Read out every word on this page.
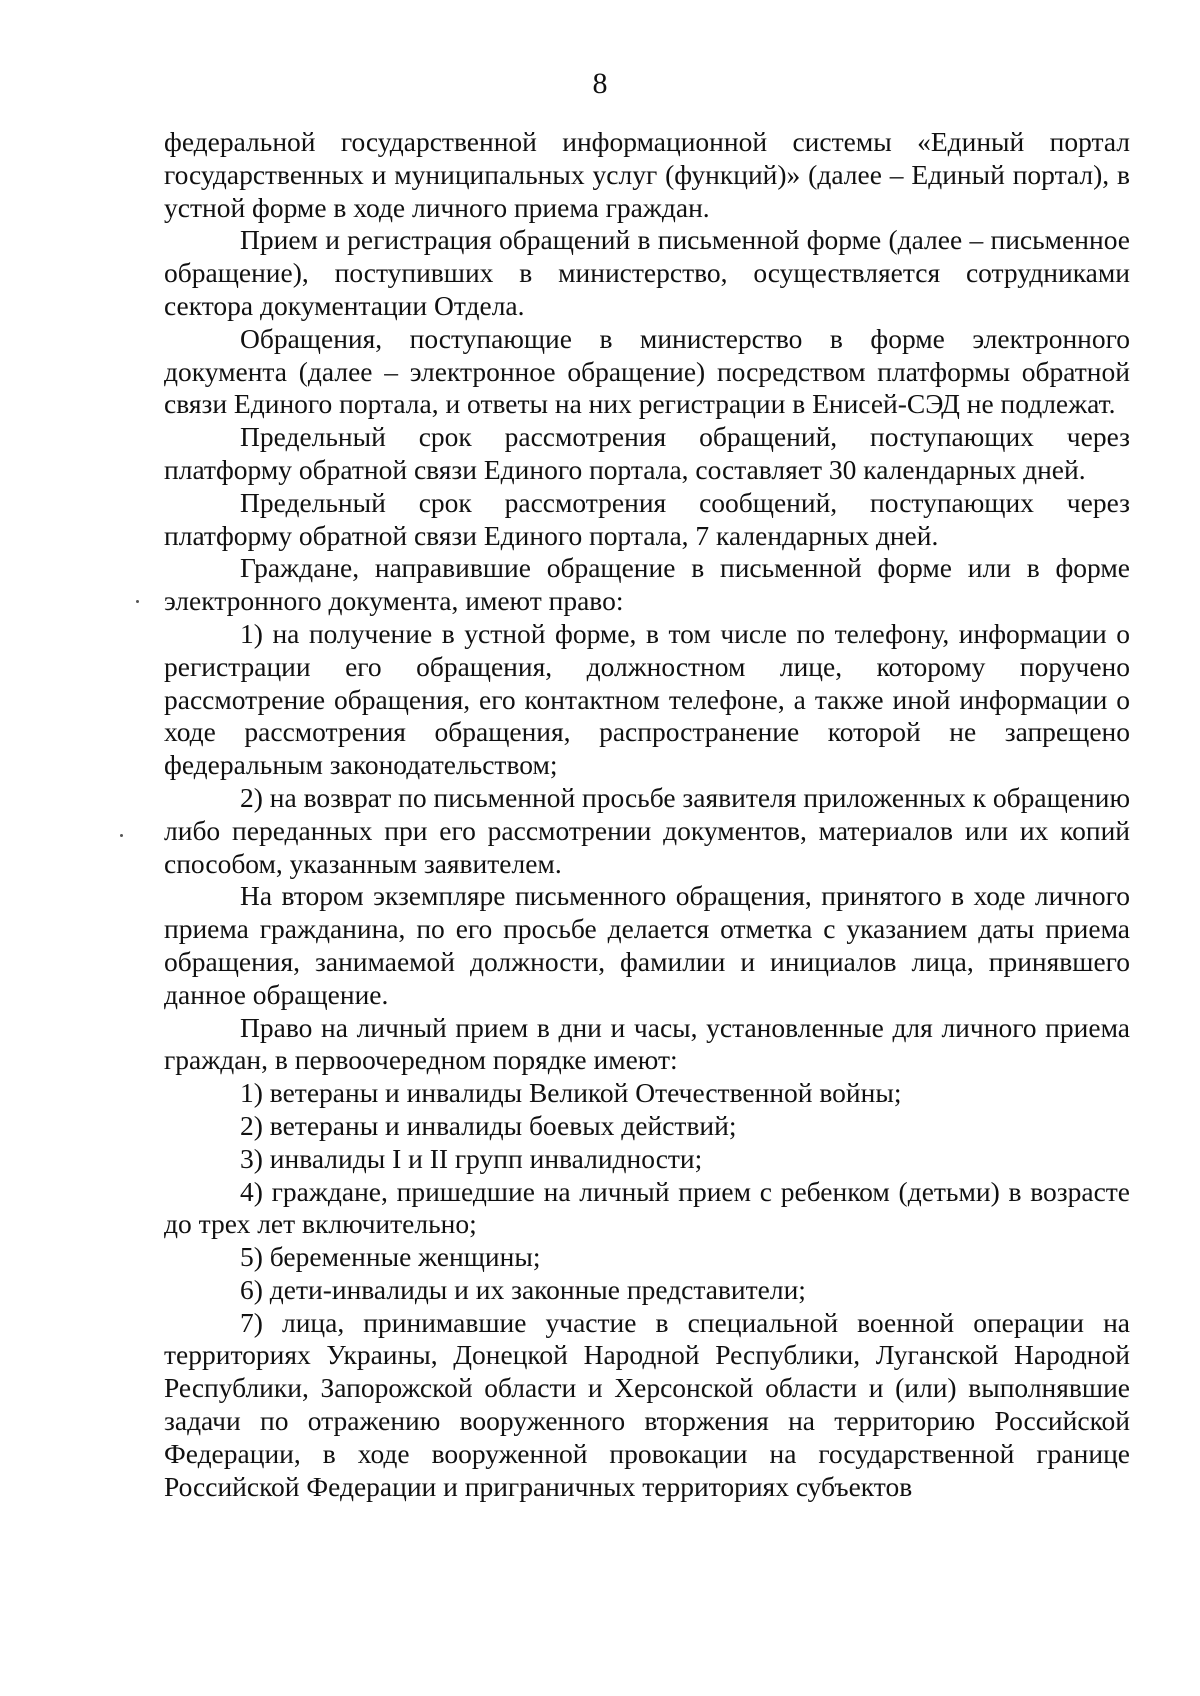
8

федеральной государственной информационной системы «Единый портал государственных и муниципальных услуг (функций)» (далее – Единый портал), в устной форме в ходе личного приема граждан.

Прием и регистрация обращений в письменной форме (далее – письменное обращение), поступивших в министерство, осуществляется сотрудниками сектора документации Отдела.

Обращения, поступающие в министерство в форме электронного документа (далее – электронное обращение) посредством платформы обратной связи Единого портала, и ответы на них регистрации в Енисей-СЭД не подлежат.

Предельный срок рассмотрения обращений, поступающих через платформу обратной связи Единого портала, составляет 30 календарных дней.

Предельный срок рассмотрения сообщений, поступающих через платформу обратной связи Единого портала, 7 календарных дней.

Граждане, направившие обращение в письменной форме или в форме электронного документа, имеют право:

1) на получение в устной форме, в том числе по телефону, информации о регистрации его обращения, должностном лице, которому поручено рассмотрение обращения, его контактном телефоне, а также иной информации о ходе рассмотрения обращения, распространение которой не запрещено федеральным законодательством;

2) на возврат по письменной просьбе заявителя приложенных к обращению либо переданных при его рассмотрении документов, материалов или их копий способом, указанным заявителем.

На втором экземпляре письменного обращения, принятого в ходе личного приема гражданина, по его просьбе делается отметка с указанием даты приема обращения, занимаемой должности, фамилии и инициалов лица, принявшего данное обращение.

Право на личный прием в дни и часы, установленные для личного приема граждан, в первоочередном порядке имеют:

1) ветераны и инвалиды Великой Отечественной войны;

2) ветераны и инвалиды боевых действий;

3) инвалиды I и II групп инвалидности;

4) граждане, пришедшие на личный прием с ребенком (детьми) в возрасте до трех лет включительно;

5) беременные женщины;

6) дети-инвалиды и их законные представители;

7) лица, принимавшие участие в специальной военной операции на территориях Украины, Донецкой Народной Республики, Луганской Народной Республики, Запорожской области и Херсонской области и (или) выполнявшие задачи по отражению вооруженного вторжения на территорию Российской Федерации, в ходе вооруженной провокации на государственной границе Российской Федерации и приграничных территориях субъектов
